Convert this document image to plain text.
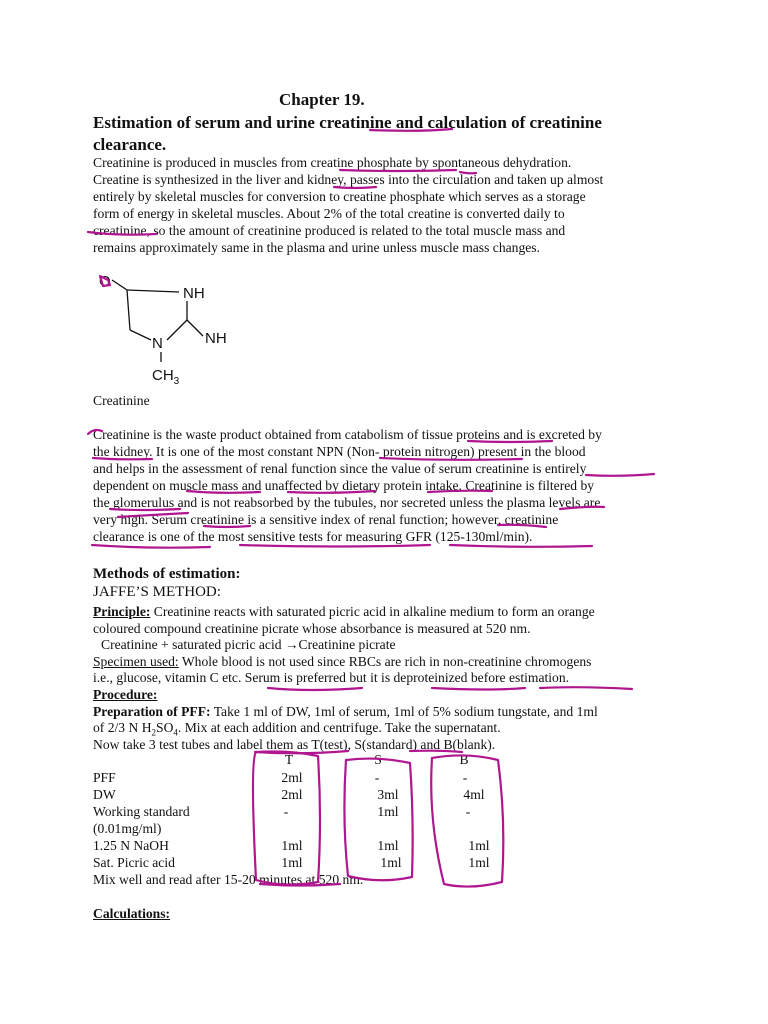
Chapter 19.
Estimation of serum and urine creatinine and calculation of creatinine clearance.
Creatinine is produced in muscles from creatine phosphate by spontaneous dehydration.
Creatine is synthesized in the liver and kidney, passes into the circulation and taken up almost
entirely by skeletal muscles for conversion to creatine phosphate which serves as a storage
form of energy in skeletal muscles. About 2% of the total creatine is converted daily to
creatinine, so the amount of creatinine produced is related to the total muscle mass and
remains approximately same in the plasma and urine unless muscle mass changes.
O
NH
NH
N
$CH_3$
Creatinine
Creatinine is the waste product obtained from catabolism of tissue proteins and is excreted by
the kidney. It is one of the most constant NPN (Non- protein nitrogen) present in the blood
and helps in the assessment of renal function since the value of serum creatinine is entirely
dependent on muscle mass and unaffected by dietary protein intake. Creatinine is filtered by
the glomerulus and is not reabsorbed by the tubules, nor secreted unless the plasma levels are
very high. Serum creatinine is a sensitive index of renal function; however, creatinine
clearance is one of the most sensitive tests for measuring GFR (125-130ml/min).
Methods of estimation:
JAFFE’S METHOD:
Principle: Creatinine reacts with saturated picric acid in alkaline medium to form an orange
coloured compound creatinine picrate whose absorbance is measured at 520 nm.
Creatinine + saturated picric acid →Creatinine picrate
Specimen used: Whole blood is not used since RBCs are rich in non-creatinine chromogens
i.e., glucose, vitamin C etc. Serum is preferred but it is deproteinized before estimation.
Procedure:
Preparation of PFF: Take 1 ml of DW, 1ml of serum, 1ml of 5% sodium tungstate, and 1ml
of 2/3 N $H_2SO_4$. Mix at each addition and centrifuge. Take the supernatant.
Now take 3 test tubes and label them as T(test), S(standard) and B(blank).
T	S	B
PFF	2ml	-	-
DW	2ml	3ml	4ml
Working standard	-	1ml	-
(0.01mg/ml)
1.25 N NaOH	1ml	1ml	1ml
Sat. Picric acid	1ml	1ml	1ml
Mix well and read after 15-20 minutes at 520 nm.
Calculations:
